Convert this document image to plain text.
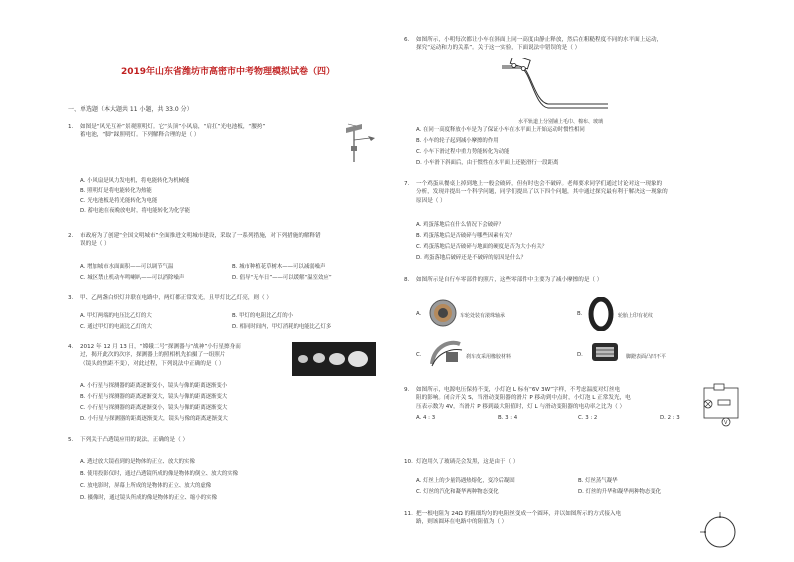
2019年山东省潍坊市高密市中考物理模拟试卷（四）
一、单选题（本大题共 11 小题，共 33.0 分）
1. 如图是“风光互补”景观照明灯。它“头顶”小风扇，“肩扛”光电池板，“腰挎”
蓄电池，“脚”踩照明灯。下列解释合理的是（ ）
A. 小风扇是风力发电机，将电能转化为机械能
B. 照明灯是将电能转化为热能
C. 光电池板是将光能转化为电能
D. 蓄电池在夜晚放电时，将电能转化为化学能
2. 市政府为了创建“全国文明城市”全面推进文明城市建设，采取了一系列措施，对下列措施的解释错
误的是（ ）
A. 增加城市水面面积——可以调节气温	B. 城市种植花草树木——可以减弱噪声
C. 城区禁止机动车鸣喇叭——可以消除噪声	D. 倡导“无车日”——可以缓解“温室效应”
3. 甲、乙两盏白炽灯并联在电路中，两灯都正常发光，且甲灯比乙灯亮，则（ ）
A. 甲灯两端的电压比乙灯的大	B. 甲灯的电阻比乙灯的小
C. 通过甲灯的电流比乙灯的大	D. 相同时间内，甲灯消耗的电能比乙灯多
4. 2012 年 12 月 13 日，“嫦娥二号”探测器与“战神”小行星擦身而
过，揭开此次的次序，探测器上的照相机先拍摄了一组照片
（镜头的焦距不变），对此过程，下列说法中正确的是（ ）
A. 小行星与探测器的距离逐渐变小，镜头与像的距离逐渐变小
B. 小行星与探测器的距离逐渐变大，镜头与像的距离逐渐变大
C. 小行星与探测器的距离逐渐变小，镜头与像的距离逐渐变大
D. 小行星与探测器的距离逐渐变大，镜头与像的距离逐渐变大
5. 下列关于凸透镜应用的说法，正确的是（ ）
A. 透过放大镜看到的是物体的正立、放大的实像
B. 使用投影仪时，通过凸透镜所成的像是物体的倒立、放大的实像
C. 放电影时，屏幕上所成的是物体的正立、放大的虚像
D. 摄像时，通过镜头所成的像是物体的正立、缩小的实像
6. 如图所示，小明每次都让小车在斜面上同一高度由静止释放，然后在粗糙程度不同的水平面上运动，
探究“运动和力的关系”。关于这一实验，下面说法中错误的是（ ）
水平轨道上分别铺上毛巾、棉布、玻璃
A. 在同一高度释放小车是为了保证小车在水平面上开始运动时惯性相同
B. 小车的轮子起到减小摩擦的作用
C. 小车下滑过程中重力势能转化为动能
D. 小车滑下斜面后，由于惯性在水平面上还能滑行一段距离
7. 一个鸡蛋从餐桌上掉到地上一般会破碎，但有时也会不破碎。老师要求同学们通过讨论对这一现象的
分析，发现并提出一个科学问题，同学们提出了以下四个问题，其中通过探究最有利于解决这一现象的
原因是（ ）
A. 鸡蛋落地后在什么情况下会破碎？
B. 鸡蛋落地后是否破碎与哪些因素有关？
C. 鸡蛋落地后是否破碎与地面的硬度是否为大小有关？
D. 鸡蛋落地后破碎还是不破碎的原因是什么？
8. 如图所示是自行车零部件的照片，这些零部件中主要为了减小摩擦的是（ ）
A.	车轮处装有滚珠轴承	B.	轮胎上印有花纹
C.	刹车皮采用橡胶材料	D.	脚蹬表面凸凹不平
9. 如图所示，电源电压保持不变，小灯泡 L 标有“6V 3W”字样，不考虑温度对灯丝电
阻的影响。闭合开关 S，当滑动变阻器的滑片 P 移动到中点时，小灯泡 L 正常发光，电
压表示数为 4V，当滑片 P 移到最大阻值时，灯 L 与滑动变阻器的电功率之比为（ ）
V
A. 4 : 3	B. 3 : 4	C. 3 : 2	D. 2 : 3
10. 灯泡用久了玻璃壳会发黑，这是由于（ ）
A. 灯丝上的少量钨遇热熔化，变冷后凝固	B. 灯丝蒸气凝华
C. 灯丝的汽化和凝华两种物态变化	D. 灯丝的升华和凝华两种物态变化
11. 把一根电阻为 24Ω 的粗细均匀的电阻丝变成一个圆环，并以如图所示的方式接入电
路，则该圆环在电路中的阻值为（ ）
